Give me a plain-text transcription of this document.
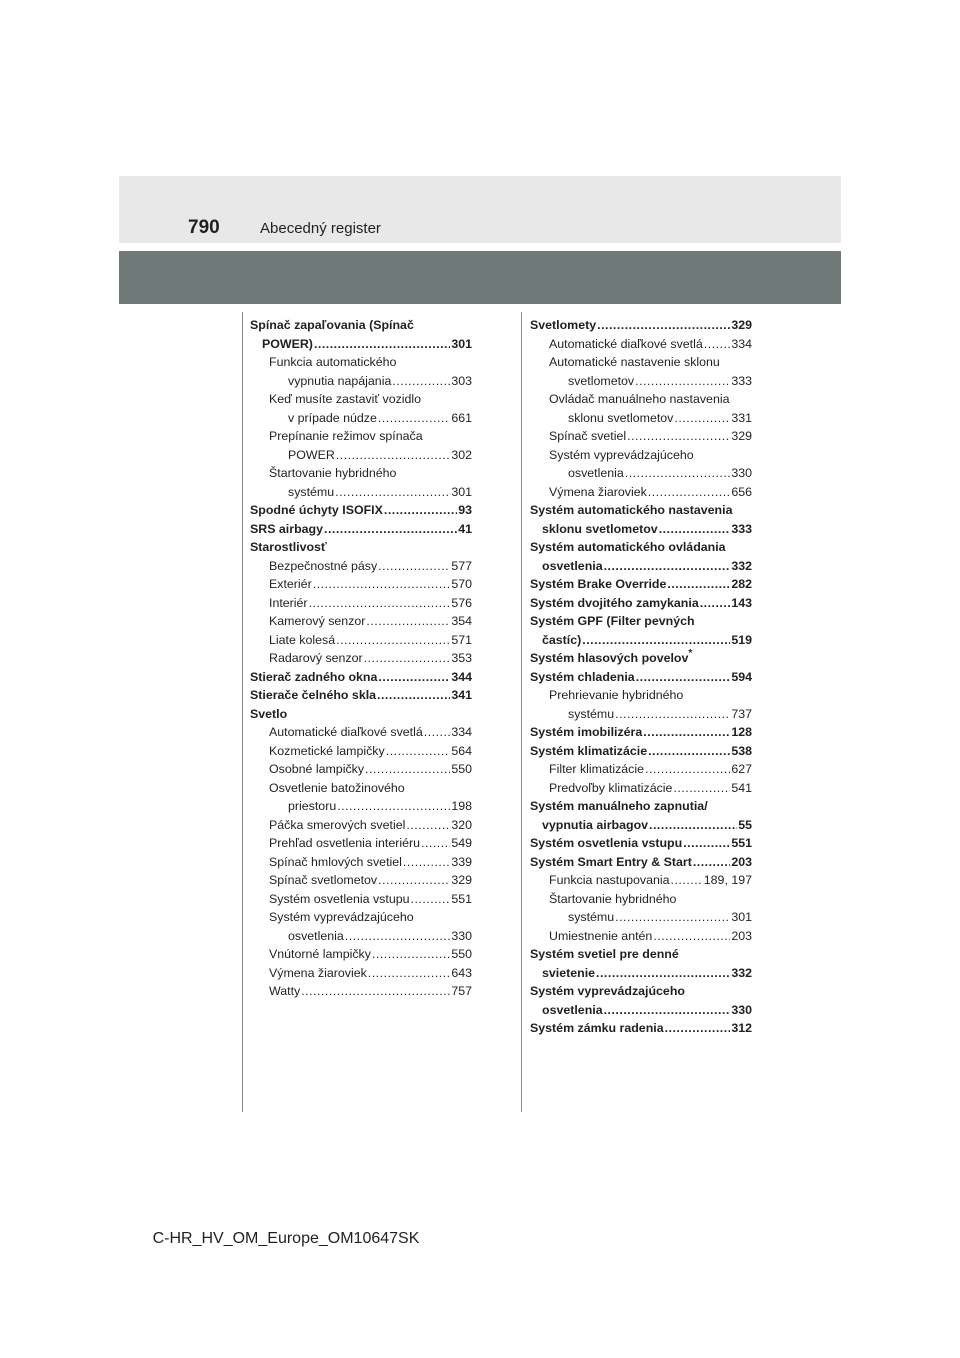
790	Abecedný register
Spínač zapaľovania (Spínač
POWER) .....	301
Funkcia automatického
vypnutia napájania .....	303
Keď musíte zastaviť vozidlo
v prípade núdze .....	661
Prepínanie režimov spínača
POWER .....	302
Štartovanie hybridného
systému .....	301
Spodné úchyty ISOFIX .....	93
SRS airbagy .....	41
Starostlivosť
Bezpečnostné pásy .....	577
Exteriér .....	570
Interiér .....	576
Kamerový senzor .....	354
Liate kolesá .....	571
Radarový senzor .....	353
Stierač zadného okna .....	344
Stierače čelného skla .....	341
Svetlo
Automatické diaľkové svetlá ..... 334
Kozmetické lampičky .....	564
Osobné lampičky .....	550
Osvetlenie batožinového
priestoru .....	198
Páčka smerových svetiel .....	320
Prehľad osvetlenia interiéru .....	549
Spínač hmlových svetiel .....	339
Spínač svetlometov .....	329
Systém osvetlenia vstupu .....	551
Systém vyprevádzajúceho
osvetlenia .....	330
Vnútorné lampičky .....	550
Výmena žiaroviek .....	643
Watty .....	757
Svetlomety .....	329
Automatické diaľkové svetlá ..... 334
Automatické nastavenie sklonu
svetlometov .....	333
Ovládač manuálneho nastavenia
sklonu svetlometov .....	331
Spínač svetiel .....	329
Systém vyprevádzajúceho
osvetlenia .....	330
Výmena žiaroviek .....	656
Systém automatického nastavenia
sklonu svetlometov .....	333
Systém automatického ovládania
osvetlenia .....	332
Systém Brake Override .....	282
Systém dvojitého zamykania .....	143
Systém GPF (Filter pevných
častíc) .....	519
Systém hlasových povelov*
Systém chladenia .....	594
Prehrievanie hybridného
systému .....	737
Systém imobilizéra .....	128
Systém klimatizácie .....	538
Filter klimatizácie .....	627
Predvoľby klimatizácie .....	541
Systém manuálneho zapnutia/
vypnutia airbagov .....	55
Systém osvetlenia vstupu .....	551
Systém Smart Entry & Start .....	203
Funkcia nastupovania .....	189, 197
Štartovanie hybridného
systému .....	301
Umiestnenie antén .....	203
Systém svetiel pre denné
svietenie .....	332
Systém vyprevádzajúceho
osvetlenia .....	330
Systém zámku radenia .....	312
C-HR_HV_OM_Europe_OM10647SK
